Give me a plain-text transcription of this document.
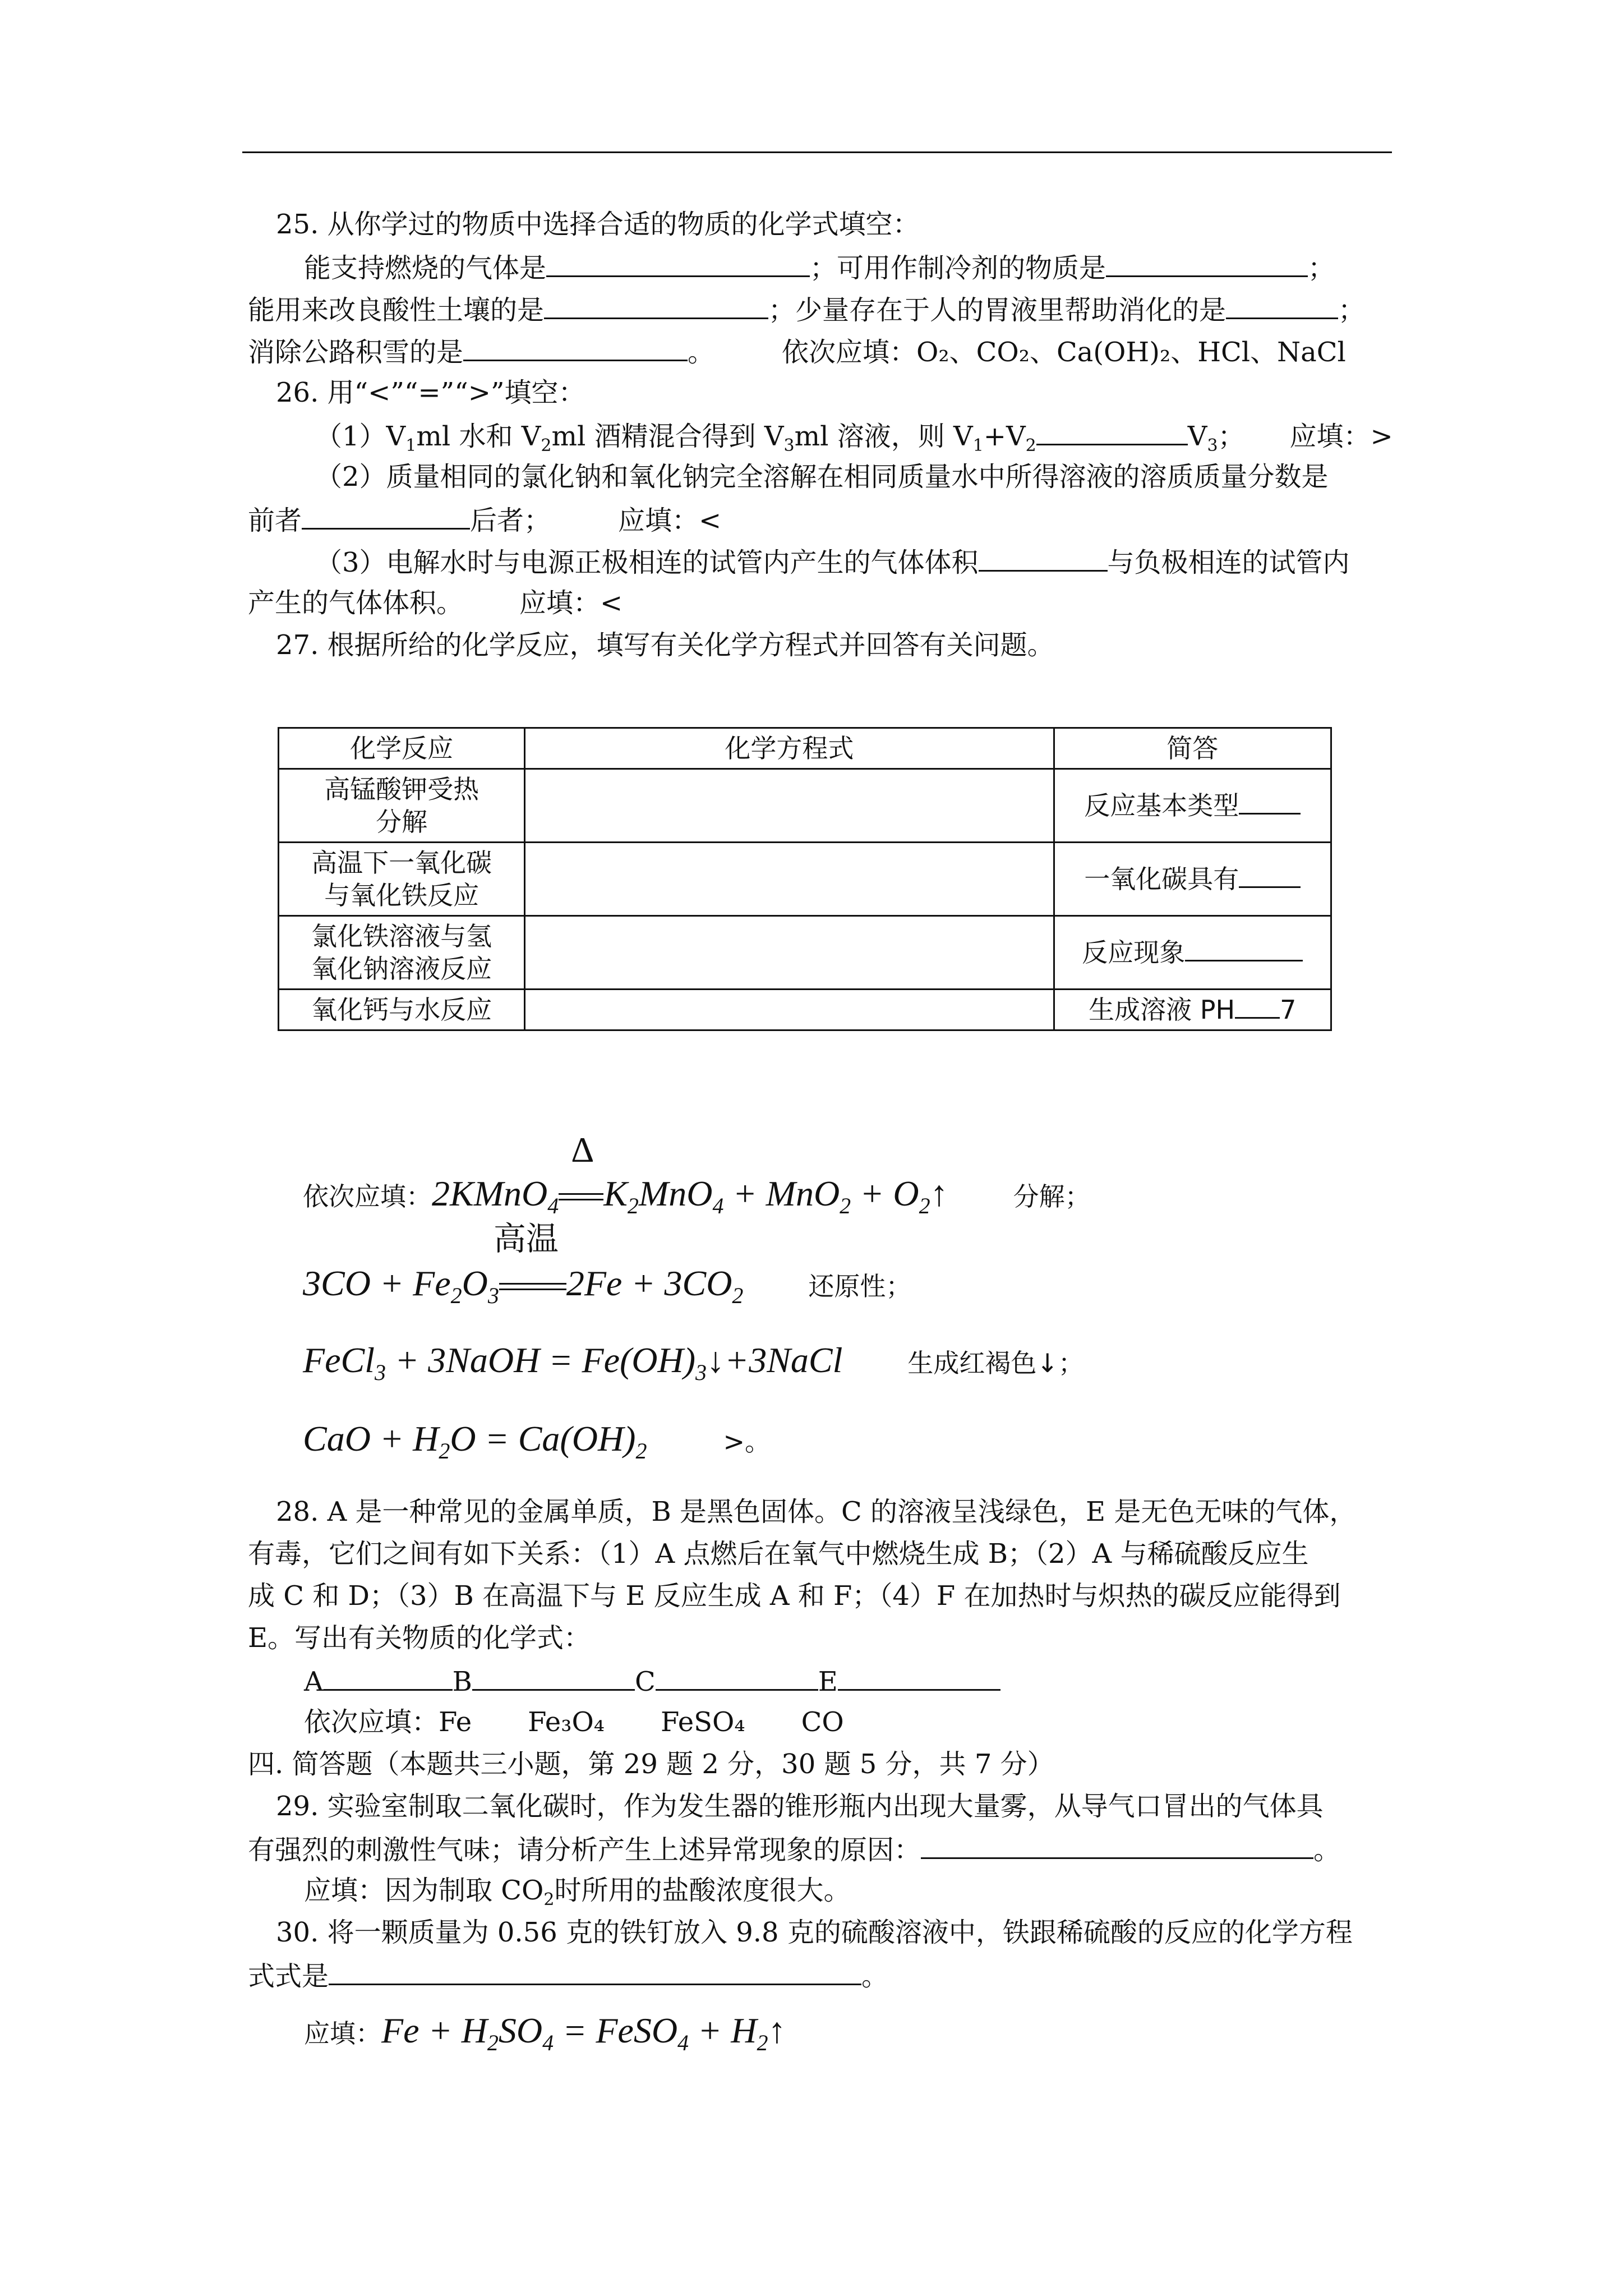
25. 从你学过的物质中选择合适的物质的化学式填空：
能支持燃烧的气体是	；可用作制冷剂的物质是	；
能用来改良酸性土壤的是	；少量存在于人的胃液里帮助消化的是	；
消除公路积雪的是	。	依次应填：O₂、CO₂、Ca(OH)₂、HCl、NaCl
26. 用“<”“=”“>”填空：
$(1)V_1ml$ 水和 $V_2ml$ 酒精混合得到 $V_3ml$ 溶液，则 $V_1+V_2$	$V_3$； 应填：>
（2）质量相同的氯化钠和氧化钠完全溶解在相同质量水中所得溶液的溶质质量分数是
前者	后者；	应填：<
（3）电解水时与电源正极相连的试管内产生的气体体积	与负极相连的试管内
产生的气体体积。 应填：<
27. 根据所给的化学反应，填写有关化学方程式并回答有关问题。
化学反应	化学方程式	简答
高锰酸钾受热
分解		反应基本类型
高温下一氧化碳
与氧化铁反应		一氧化碳具有
氯化铁溶液与氢
氧化钠溶液反应		反应现象
氧化钙与水反应		生成溶液 PH 7
依次应填：2KMnO$_4$
Δ
$K_2MnO_4 + MnO_2$ + $O_2↑$	分解；
$3CO + Fe_2O_3$
高温
$2Fe + 3CO_2$	还原性；
FeCl$_3$ + 3NaOH = $Fe(OH)_3↓+3NaCl$ 生成红褐色↓；
CaO + $H_2O = Ca(OH)_2$	>。
28. A 是一种常见的金属单质，B 是黑色固体。C 的溶液呈浅绿色，E 是无色无味的气体，
有毒，它们之间有如下关系：（1）A 点燃后在氧气中燃烧生成 B；（2）A 与稀硫酸反应生
成 C 和 D；（3）B 在高温下与 E 反应生成 A 和 F；（4）F 在加热时与炽热的碳反应能得到
E。写出有关物质的化学式：
A	B	C	E
依次应填：Fe Fe₃O₄ FeSO₄ CO
四. 简答题（本题共三小题，第 29 题 2 分，30 题 5 分，共 7 分）
29. 实验室制取二氧化碳时，作为发生器的锥形瓶内出现大量雾，从导气口冒出的气体具
有强烈的刺激性气味；请分析产生上述异常现象的原因：	。
应填：因为制取 $CO_2$时所用的盐酸浓度很大。
30. 将一颗质量为 0.56 克的铁钉放入 9.8 克的硫酸溶液中，铁跟稀硫酸的反应的化学方程
式式是	。
应填：$Fe + H_2SO_4$ = FeSO$_4$ + $H_2↑$
